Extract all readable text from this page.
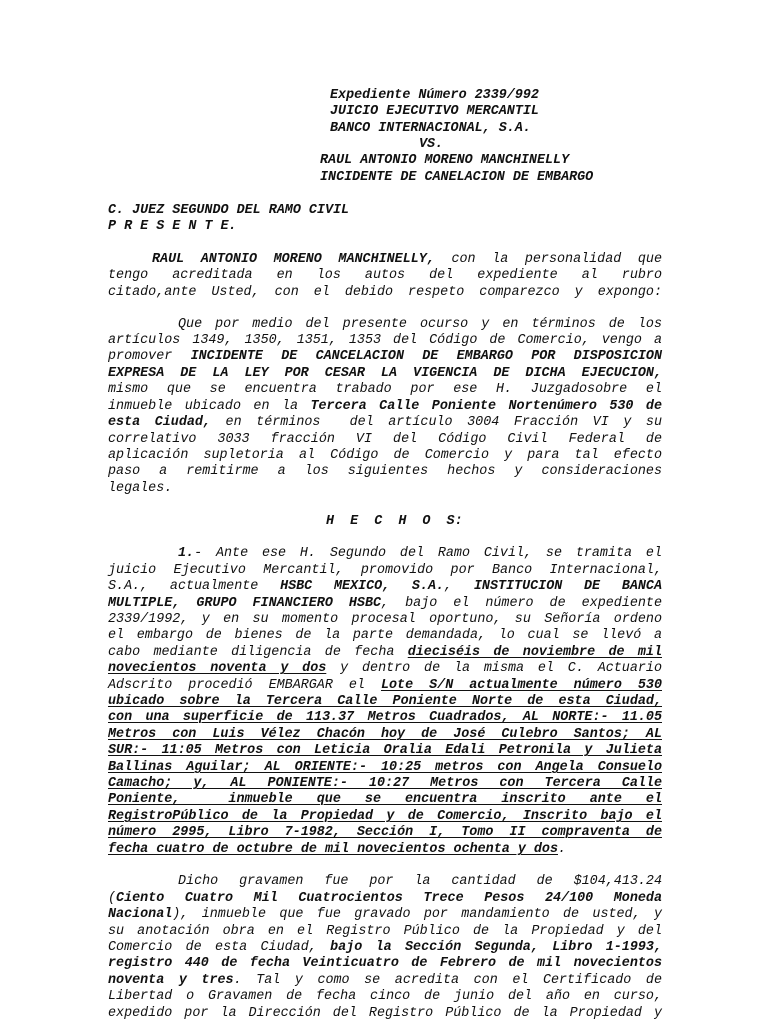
Expediente Número 2339/992
JUICIO EJECUTIVO MERCANTIL
BANCO INTERNACIONAL, S.A.
VS.
RAUL ANTONIO MORENO MANCHINELLY
INCIDENTE DE CANELACION DE EMBARGO
C. JUEZ SEGUNDO DEL RAMO CIVIL
P R E S E N T E.
RAUL ANTONIO MORENO MANCHINELLY, con la personalidad que
tengo acreditada en los autos del expediente al rubro
citado,ante Usted, con el debido respeto comparezco y expongo:
Que por medio del presente ocurso y en términos de los
artículos 1349, 1350, 1351, 1353 del Código de Comercio, vengo a
promover INCIDENTE DE CANCELACION DE EMBARGO POR DISPOSICION
EXPRESA DE LA LEY POR CESAR LA VIGENCIA DE DICHA EJECUCION,
mismo que se encuentra trabado por ese H. Juzgadosobre el
inmueble ubicado en la Tercera Calle Poniente Nortenúmero 530 de
esta Ciudad, en términos  del artículo 3004 Fracción VI y su
correlativo 3033 fracción VI del Código Civil Federal de
aplicación supletoria al Código de Comercio y para tal efecto
paso a remitirme a los siguientes hechos y consideraciones
legales.
H  E  C  H  O  S:
1.- Ante ese H. Segundo del Ramo Civil, se tramita el
juicio Ejecutivo Mercantil, promovido por Banco Internacional,
S.A., actualmente HSBC MEXICO, S.A., INSTITUCION DE BANCA
MULTIPLE, GRUPO FINANCIERO HSBC, bajo el número de expediente
2339/1992, y en su momento procesal oportuno, su Señoría ordeno
el embargo de bienes de la parte demandada, lo cual se llevó a
cabo mediante diligencia de fecha dieciséis de noviembre de mil
novecientos noventa y dos y dentro de la misma el C. Actuario
Adscrito procedió EMBARGAR el Lote S/N actualmente número 530
ubicado sobre la Tercera Calle Poniente Norte de esta Ciudad,
con una superficie de 113.37 Metros Cuadrados, AL NORTE:- 11.05
Metros con Luis Vélez Chacón hoy de José Culebro Santos; AL
SUR:- 11:05 Metros con Leticia Oralia Edali Petronila y Julieta
Ballinas Aguilar; AL ORIENTE:- 10:25 metros con Angela Consuelo
Camacho; y, AL PONIENTE:- 10:27 Metros con Tercera Calle
Poniente,  inmueble que se encuentra inscrito ante el
RegistroPúblico de la Propiedad y de Comercio, Inscrito bajo el
número 2995, Libro 7-1982, Sección I, Tomo II compraventa de
fecha cuatro de octubre de mil novecientos ochenta y dos.
Dicho gravamen fue por la cantidad de $104,413.24
(Ciento Cuatro Mil Cuatrocientos Trece Pesos 24/100 Moneda
Nacional), inmueble que fue gravado por mandamiento de usted, y
su anotación obra en el Registro Público de la Propiedad y del
Comercio de esta Ciudad, bajo la Sección Segunda, Libro 1-1993,
registro 440 de fecha Veinticuatro de Febrero de mil novecientos
noventa y tres. Tal y como se acredita con el Certificado de
Libertad o Gravamen de fecha cinco de junio del año en curso,
expedido por la Dirección del Registro Público de la Propiedad y
